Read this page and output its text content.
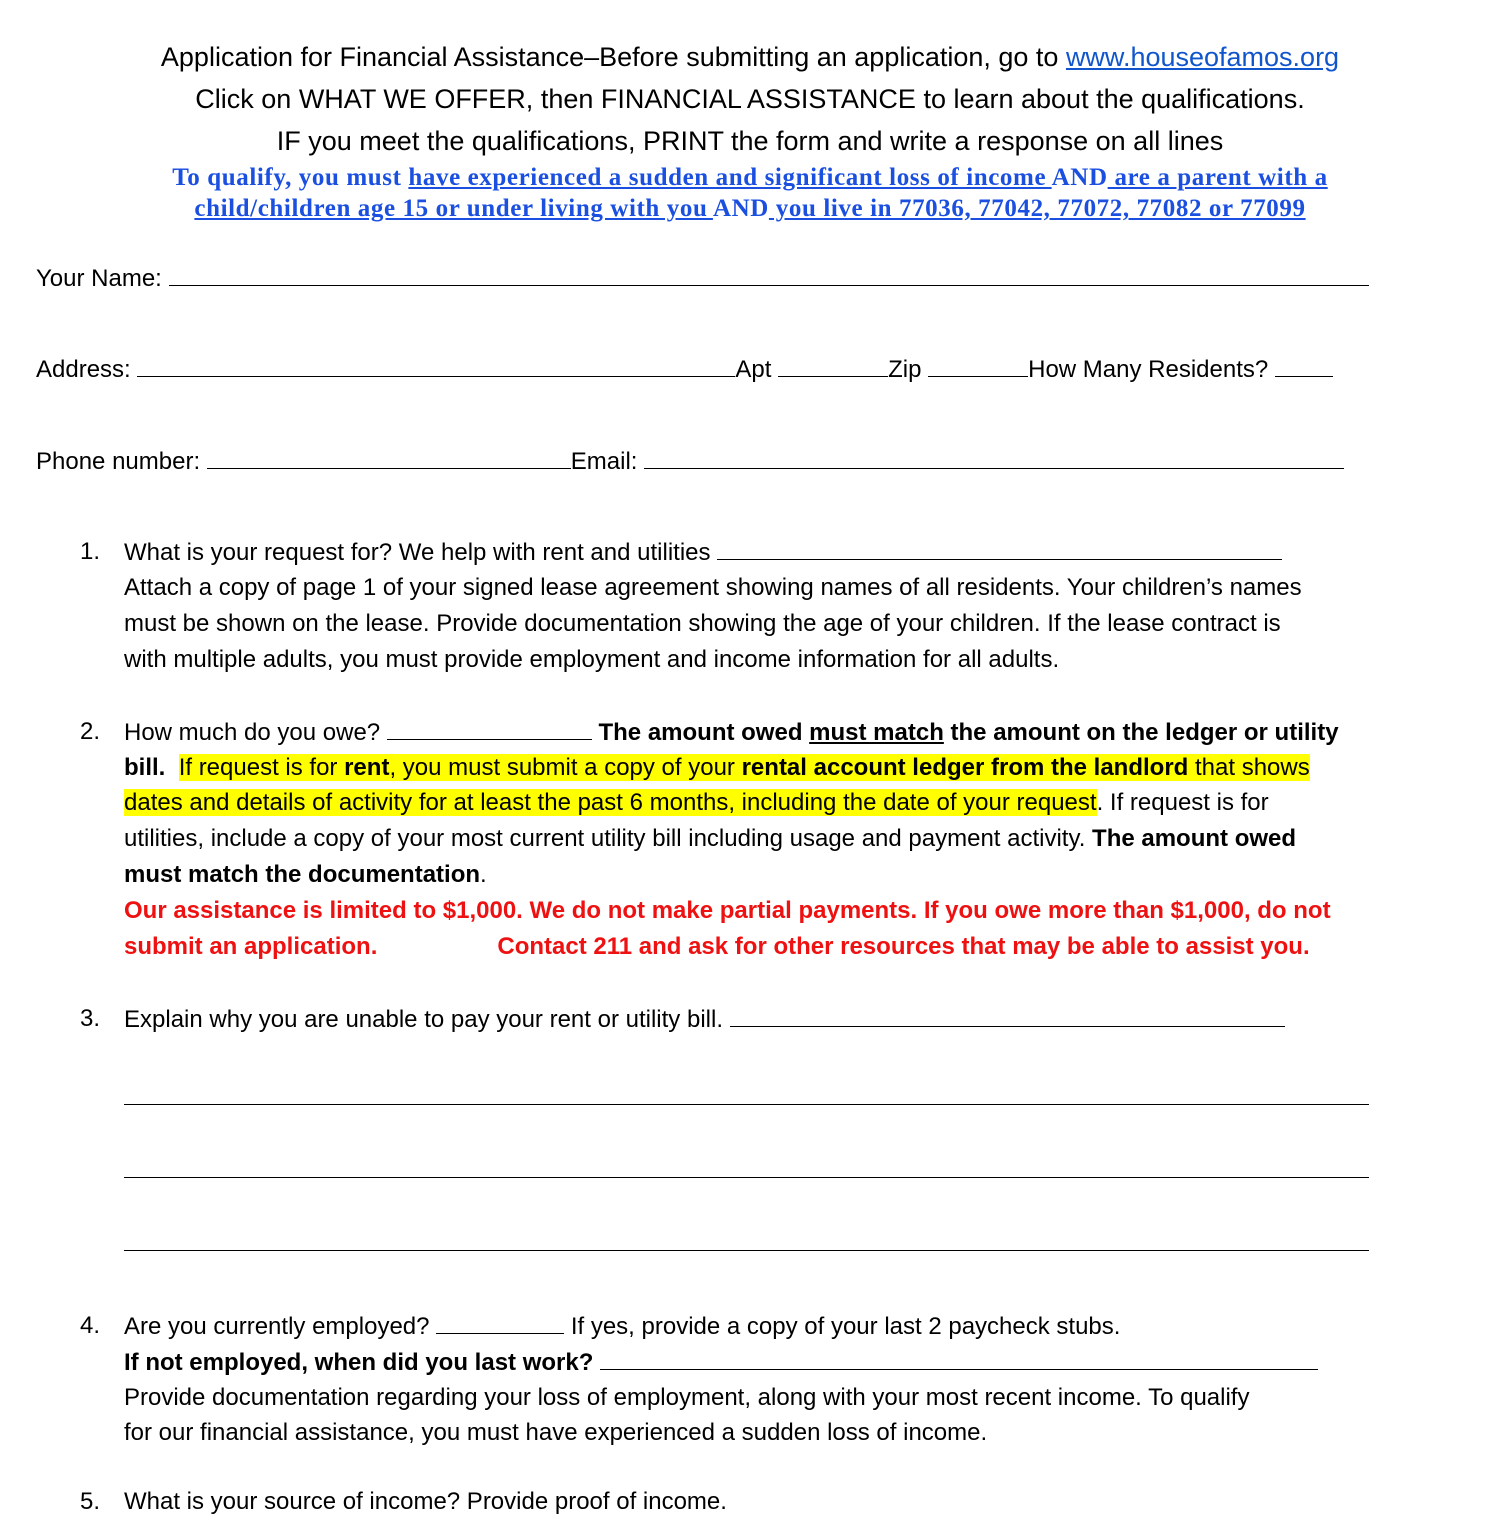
Application for Financial Assistance–Before submitting an application, go to www.houseofamos.org
Click on WHAT WE OFFER, then FINANCIAL ASSISTANCE to learn about the qualifications.
IF you meet the qualifications, PRINT the form and write a response on all lines
To qualify, you must have experienced a sudden and significant loss of income AND are a parent with a
child/children age 15 or under living with you AND you live in 77036, 77042, 77072, 77082 or 77099
Your Name:
Address:	Apt	Zip	How Many Residents?
Phone number:	Email:
1. What is your request for? We help with rent and utilities
Attach a copy of page 1 of your signed lease agreement showing names of all residents. Your children’s names
must be shown on the lease. Provide documentation showing the age of your children. If the lease contract is
with multiple adults, you must provide employment and income information for all adults.
2. How much do you owe?	The amount owed must match the amount on the ledger or utility
bill. If request is for rent, you must submit a copy of your rental account ledger from the landlord that shows
dates and details of activity for at least the past 6 months, including the date of your request. If request is for
utilities, include a copy of your most current utility bill including usage and payment activity. The amount owed
must match the documentation.
Our assistance is limited to $1,000. We do not make partial payments. If you owe more than $1,000, do not
submit an application.	Contact 211 and ask for other resources that may be able to assist you.
3. Explain why you are unable to pay your rent or utility bill.
4. Are you currently employed?	If yes, provide a copy of your last 2 paycheck stubs.
If not employed, when did you last work?
Provide documentation regarding your loss of employment, along with your most recent income. To qualify
for our financial assistance, you must have experienced a sudden loss of income.
5. What is your source of income? Provide proof of income.
